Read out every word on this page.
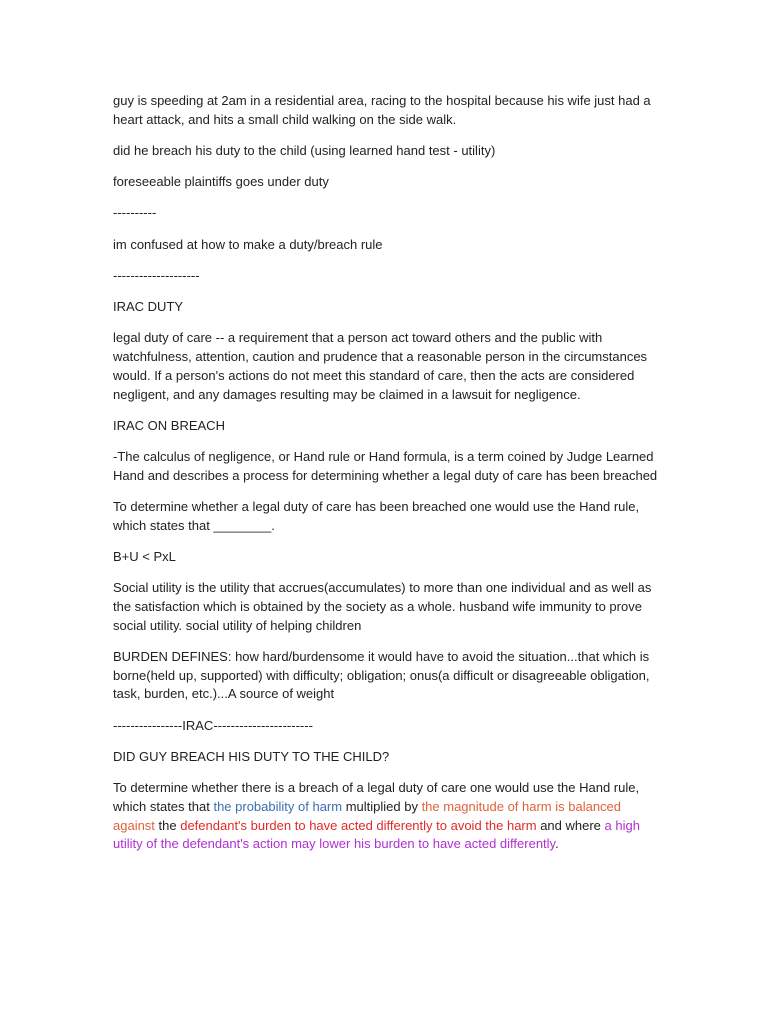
guy is speeding at 2am in a residential area, racing to the hospital because his wife just had a heart attack, and hits a small child walking on the side walk.

did he breach his duty to the child (using learned hand test - utility)

foreseeable plaintiffs goes under duty

----------

im confused at how to make a duty/breach rule

--------------------

IRAC DUTY

legal duty of care -- a requirement that a person act toward others and the public with watchfulness, attention, caution and prudence that a reasonable person in the circumstances would. If a person's actions do not meet this standard of care, then the acts are considered negligent, and any damages resulting may be claimed in a lawsuit for negligence.

IRAC ON BREACH

-The calculus of negligence, or Hand rule or Hand formula, is a term coined by Judge Learned Hand and describes a process for determining whether a legal duty of care has been breached

To determine whether a legal duty of care has been breached one would use the Hand rule, which states that ________.

B+U < PxL

Social utility is the utility that accrues(accumulates) to more than one individual and as well as the satisfaction which is obtained by the society as a whole. husband wife immunity to prove social utility. social utility of helping children

BURDEN DEFINES: how hard/burdensome it would have to avoid the situation...that which is borne(held up, supported) with difficulty; obligation; onus(a difficult or disagreeable obligation, task, burden, etc.)...A source of weight

----------------IRAC-----------------------

DID GUY BREACH HIS DUTY TO THE CHILD?

To determine whether there is a breach of a legal duty of care one would use the Hand rule, which states that the probability of harm multiplied by the magnitude of harm is balanced against the defendant's burden to have acted differently to avoid the harm and where a high utility of the defendant's action may lower his burden to have acted differently.
